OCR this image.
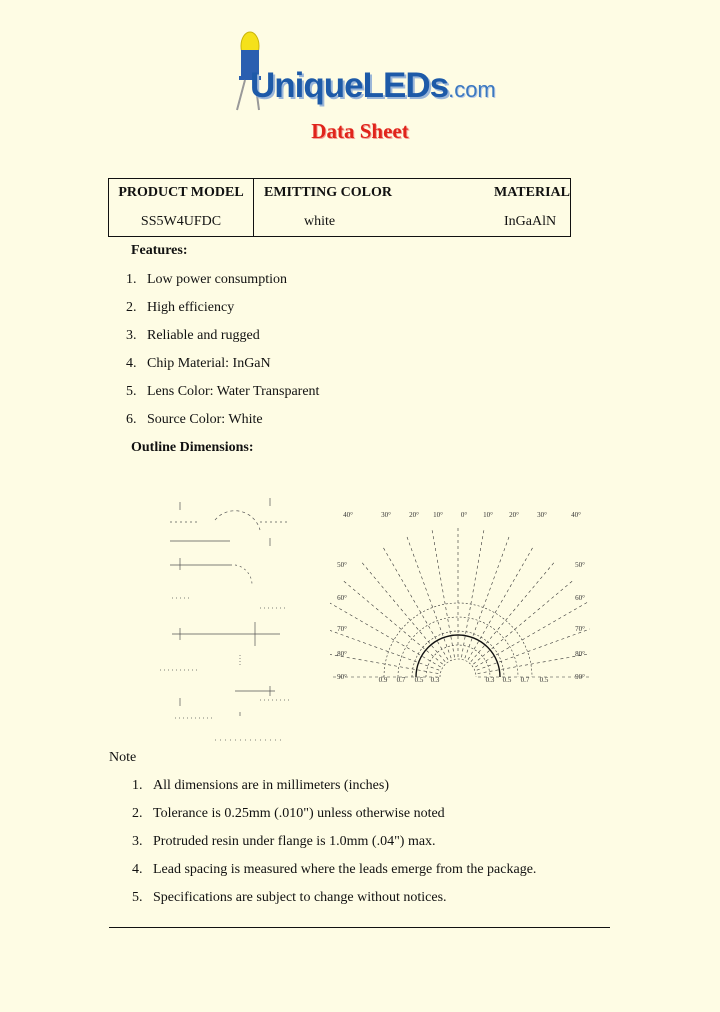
UniqueLEDs.com
Data Sheet
PRODUCT MODEL	EMITTING COLOR	MATERIAL
SS5W4UFDC	white	InGaAlN
Features:
1. Low power consumption
2. High efficiency
3. Reliable and rugged
4. Chip Material: InGaN
5. Lens Color: Water Transparent
6. Source Color: White
Outline Dimensions:
40°	30°	20° 10°	0° 10° 20°	30°	40°
50°
60°
70°
80°
90°
50°
60°
70°
80°
90°	0.9 0.7 0.5 0.3	0.3 0.5 0.7 0.5
Note
1. All dimensions are in millimeters (inches)
2. Tolerance is 0.25mm (.010") unless otherwise noted
3. Protruded resin under flange is 1.0mm (.04") max.
4. Lead spacing is measured where the leads emerge from the package.
5. Specifications are subject to change without notices.
